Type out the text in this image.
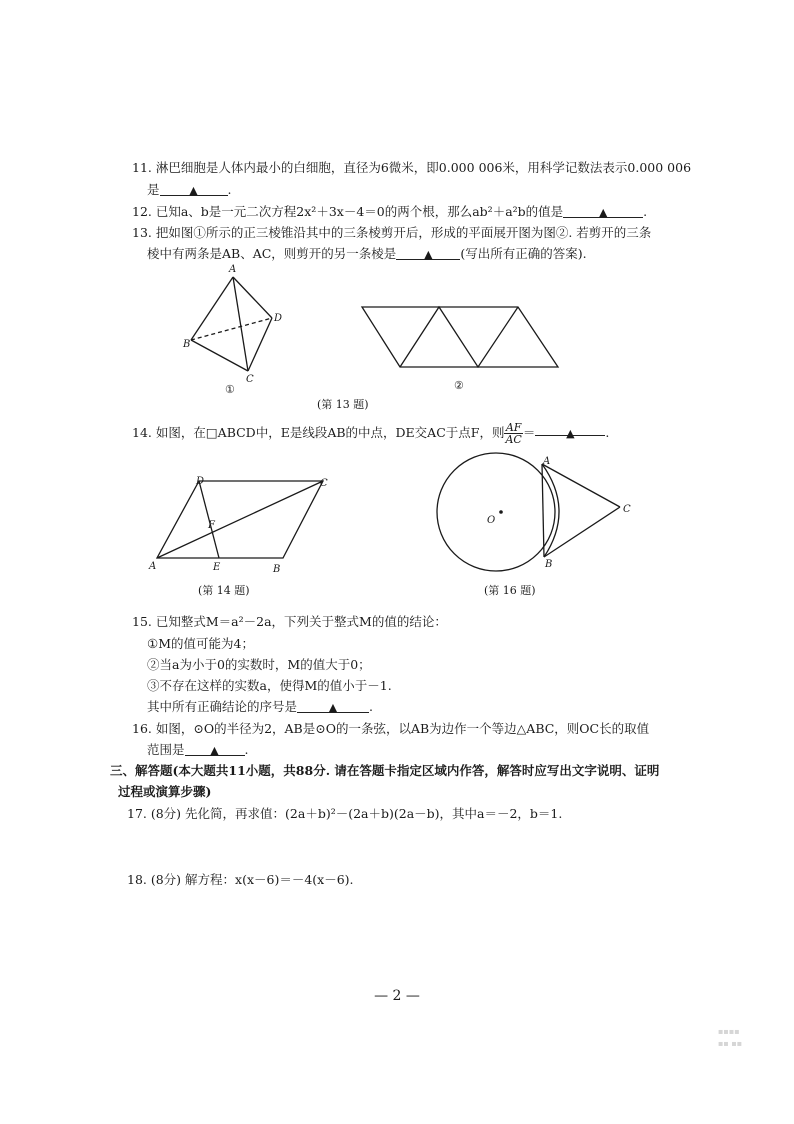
11. 淋巴细胞是人体内最小的白细胞，直径为6微米，即0.000 006米，用科学记数法表示0.000 006
是	▲ .
12. 已知a、b是一元二次方程2x²＋3x－4＝0的两个根，那么ab²＋a²b的值是	▲	.
13. 把如图①所示的正三棱锥沿其中的三条棱剪开后，形成的平面展开图为图②. 若剪开的三条
棱中有两条是AB、AC，则剪开的另一条棱是	▲ (写出所有正确的答案).
A
B
C
D
①	②
A	B
C
D
E
F	O
A
B
C
(第 13 题)
14. 如图，在□ABCD中，E是线段AB的中点，DE交AC于点F，则 $\frac{AF}{AC}$ ＝	▲ .
(第 14 题)	(第 16 题)
15. 已知整式M＝a²－2a，下列关于整式M的值的结论：
①M的值可能为4；
②当a为小于0的实数时，M的值大于0；
③不存在这样的实数a，使得M的值小于－1.
其中所有正确结论的序号是	▲	.
16. 如图，⊙O的半径为2，AB是⊙O的一条弦，以AB为边作一个等边△ABC，则OC长的取值
范围是 ▲ .
三、解答题(本大题共11小题，共88分. 请在答题卡指定区域内作答，解答时应写出文字说明、证明
过程或演算步骤)
17. (8分) 先化简，再求值：(2a＋b)²－(2a＋b)(2a－b)，其中a＝－2，b＝1.
18. (8分) 解方程：x(x－6)＝－4(x－6).
— 2 —
▪▪▪▪
▪▪ ▪▪
